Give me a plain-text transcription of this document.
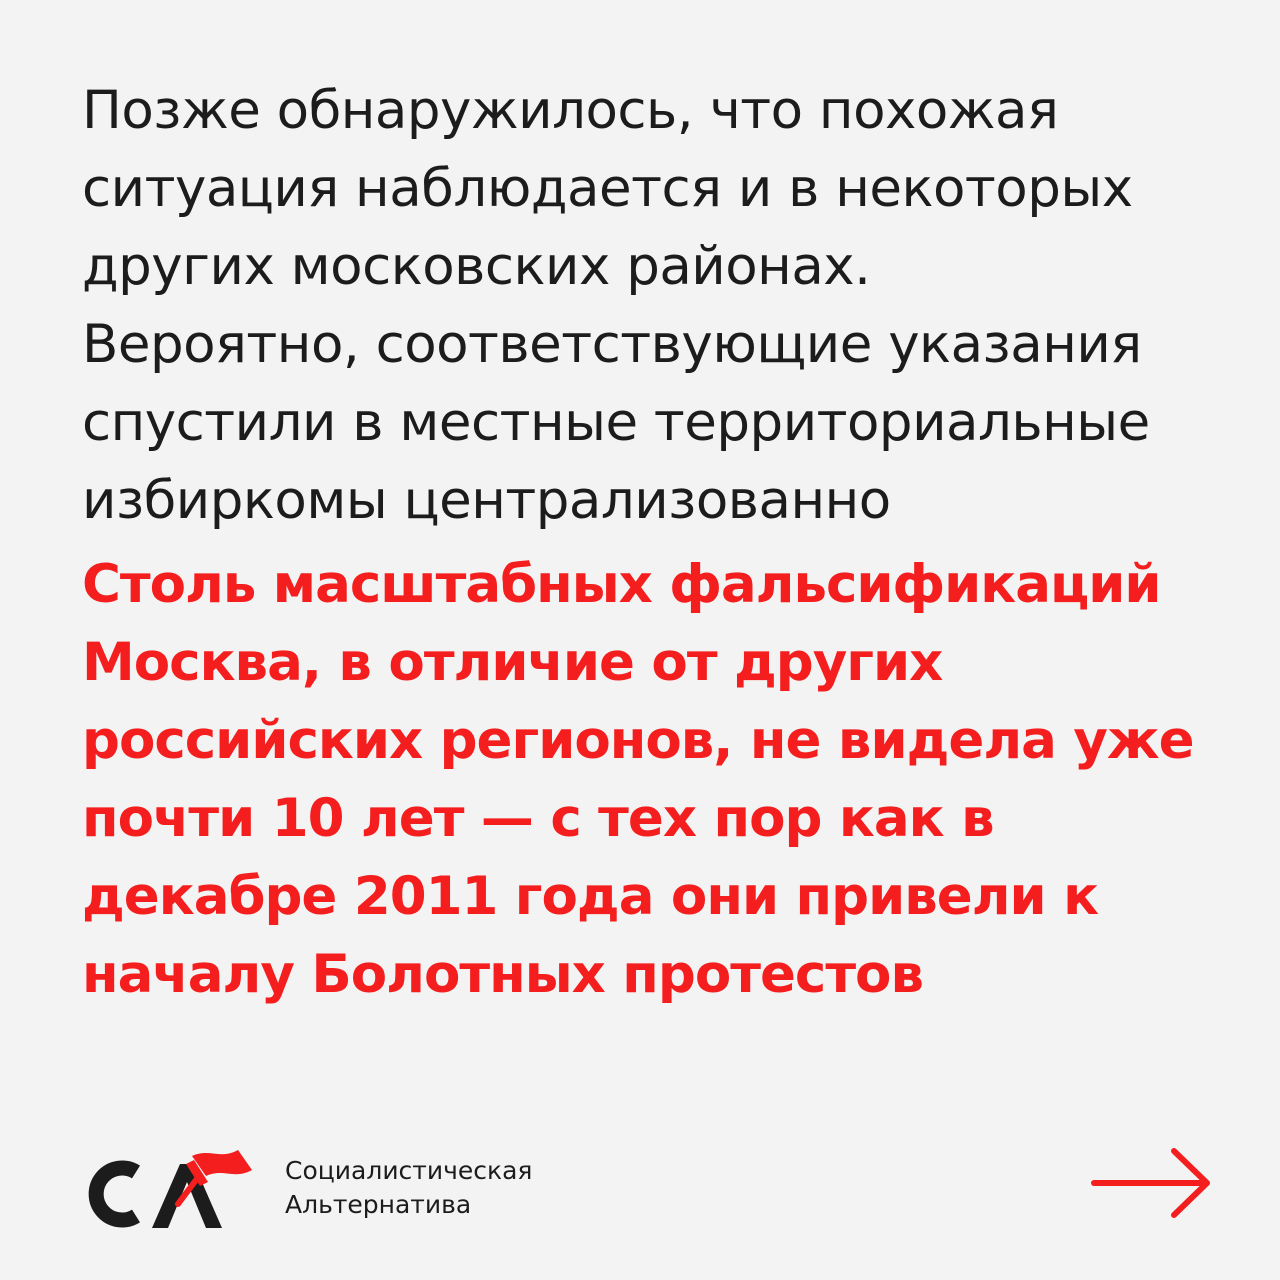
Позже обнаружилось, что похожая
ситуация наблюдается и в некоторых
других московских районах.
Вероятно, соответствующие указания
спустили в местные территориальные
избиркомы централизованно
Столь масштабных фальсификаций
Москва, в отличие от других
российских регионов, не видела уже
почти 10 лет — с тех пор как в
декабре 2011 года они привели к
началу Болотных протестов
Социалистическая
Альтернатива
